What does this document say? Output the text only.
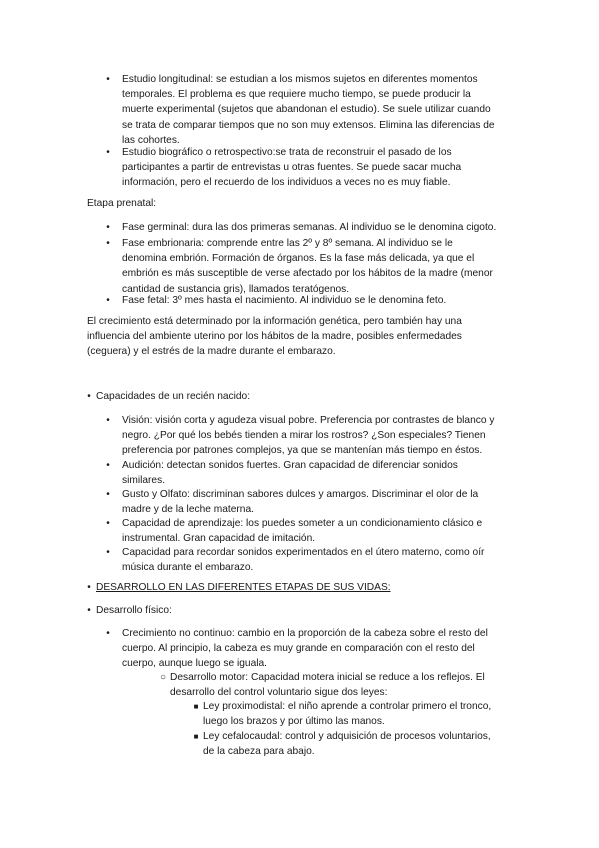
•	Estudio longitudinal: se estudian a los mismos sujetos en diferentes momentos
temporales. El problema es que requiere mucho tiempo, se puede producir la
muerte experimental (sujetos que abandonan el estudio). Se suele utilizar cuando
se trata de comparar tiempos que no son muy extensos. Elimina las diferencias de
las cohortes.
•	Estudio biográfico o retrospectivo:se trata de reconstruir el pasado de los
participantes a partir de entrevistas u otras fuentes. Se puede sacar mucha
información, pero el recuerdo de los individuos a veces no es muy fiable.
Etapa prenatal:
•	Fase germinal: dura las dos primeras semanas. Al individuo se le denomina cigoto.
•	Fase embrionaria: comprende entre las 2º y 8º semana. Al individuo se le
denomina embrión. Formación de órganos. Es la fase más delicada, ya que el
embrión es más susceptible de verse afectado por los hábitos de la madre (menor
cantidad de sustancia gris), llamados teratógenos.
•	Fase fetal: 3º mes hasta el nacimiento. Al individuo se le denomina feto.
El crecimiento está determinado por la información genética, pero también hay una
influencia del ambiente uterino por los hábitos de la madre, posibles enfermedades
(ceguera) y el estrés de la madre durante el embarazo.
• Capacidades de un recién nacido:
•	Visión: visión corta y agudeza visual pobre. Preferencia por contrastes de blanco y
negro. ¿Por qué los bebés tienden a mirar los rostros? ¿Son especiales? Tienen
preferencia por patrones complejos, ya que se mantenían más tiempo en éstos.
•	Audición: detectan sonidos fuertes. Gran capacidad de diferenciar sonidos
similares.
•	Gusto y Olfato: discriminan sabores dulces y amargos. Discriminar el olor de la
madre y de la leche materna.
•	Capacidad de aprendizaje: los puedes someter a un condicionamiento clásico e
instrumental. Gran capacidad de imitación.
•	Capacidad para recordar sonidos experimentados en el útero materno, como oír
música durante el embarazo.
• DESARROLLO EN LAS DIFERENTES ETAPAS DE SUS VIDAS:
• Desarrollo físico:
•	Crecimiento no continuo: cambio en la proporción de la cabeza sobre el resto del
cuerpo. Al principio, la cabeza es muy grande en comparación con el resto del
cuerpo, aunque luego se iguala.
○ Desarrollo motor: Capacidad motera inicial se reduce a los reflejos. El
desarrollo del control voluntario sigue dos leyes:
■ Ley proximodistal: el niño aprende a controlar primero el tronco,
luego los brazos y por último las manos.
■ Ley cefalocaudal: control y adquisición de procesos voluntarios,
de la cabeza para abajo.
